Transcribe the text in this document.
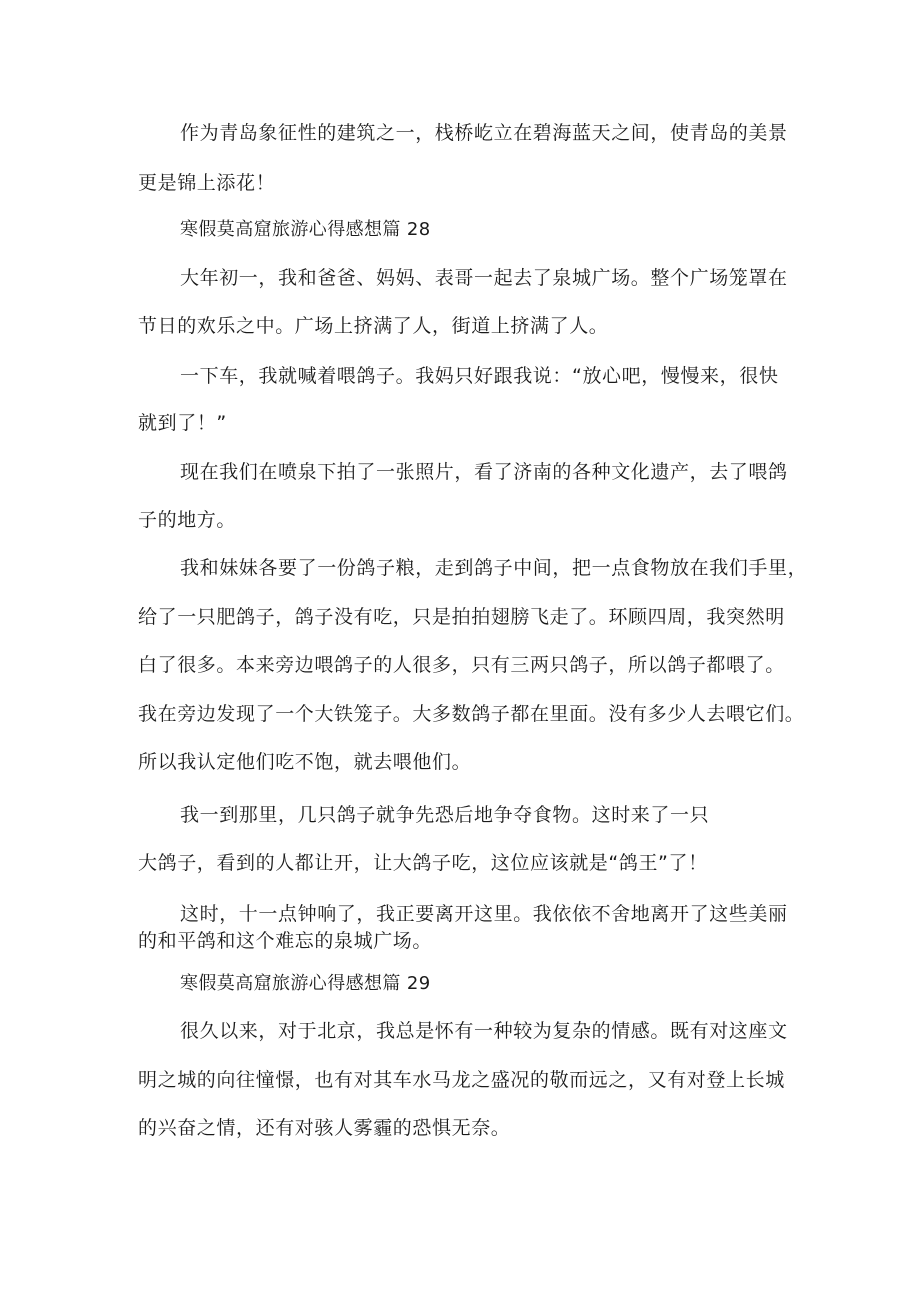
作为青岛象征性的建筑之一，栈桥屹立在碧海蓝天之间，使青岛的美景
更是锦上添花！
寒假莫高窟旅游心得感想篇 28
大年初一，我和爸爸、妈妈、表哥一起去了泉城广场。整个广场笼罩在
节日的欢乐之中。广场上挤满了人，街道上挤满了人。
一下车，我就喊着喂鸽子。我妈只好跟我说：“放心吧，慢慢来，很快
就到了！”
现在我们在喷泉下拍了一张照片，看了济南的各种文化遗产，去了喂鸽
子的地方。
我和妹妹各要了一份鸽子粮，走到鸽子中间，把一点食物放在我们手里，
给了一只肥鸽子，鸽子没有吃，只是拍拍翅膀飞走了。环顾四周，我突然明
白了很多。本来旁边喂鸽子的人很多，只有三两只鸽子，所以鸽子都喂了。
我在旁边发现了一个大铁笼子。大多数鸽子都在里面。没有多少人去喂它们。
所以我认定他们吃不饱，就去喂他们。
我一到那里，几只鸽子就争先恐后地争夺食物。这时来了一只
大鸽子，看到的人都让开，让大鸽子吃，这位应该就是“鸽王”了！
这时，十一点钟响了，我正要离开这里。我依依不舍地离开了这些美丽
的和平鸽和这个难忘的泉城广场。
寒假莫高窟旅游心得感想篇 29
很久以来，对于北京，我总是怀有一种较为复杂的情感。既有对这座文
明之城的向往憧憬，也有对其车水马龙之盛况的敬而远之，又有对登上长城
的兴奋之情，还有对骇人雾霾的恐惧无奈。
